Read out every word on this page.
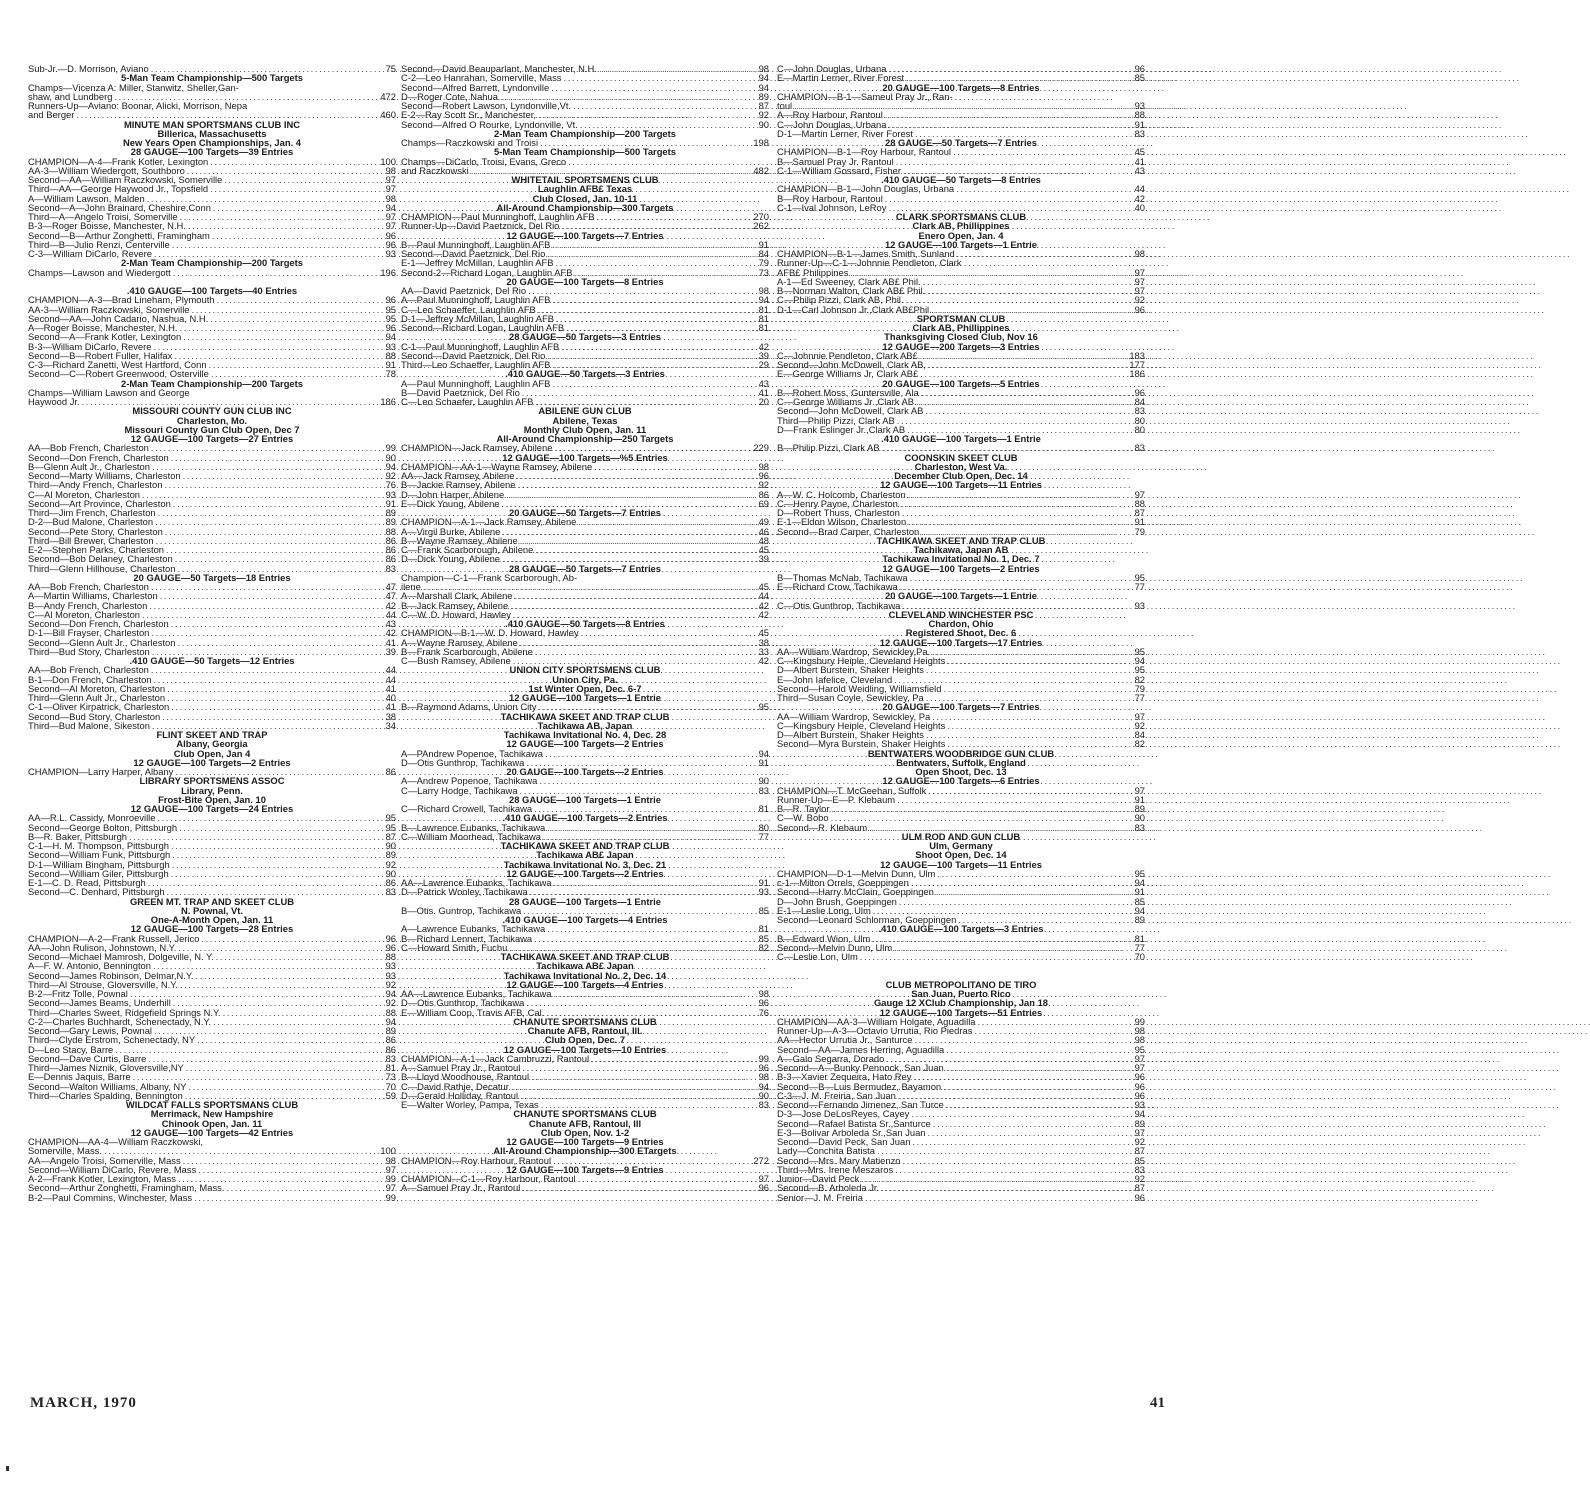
Sub-Jr.—D. Morrison, Aviano . . .	75
5-Man Team Championship—500 Targets
Champs—Vicenza A: Miller, Stanwitz, Sheller,Gan-
shaw, and Lundberg . . .	472
Runners-Up—Aviano: Boonar, Alicki, Morrison, Nepa
and Berger . . .	460
MINUTE MAN SPORTSMANS CLUB INC
Billerica, Massachusetts
New Years Open Championships, Jan. 4
28 GAUGE—100 Targets—39 Entries
CHAMPION—A-4—Frank Kotler, Lexington . . .	100
AA-3—William Wiedergott, Southboro . . .	98
Second—AA—William Raczkowski, Somerville . . .	97
Third—AA—George Haywood Jr., Topsfield . . .	97
A—William Lawson, Malden . . .	98
Second—A—John Brainard, Cheshire,Conn . . .	94
Third—A—Angelo Troisi, Somerville . . .	97
B-3—Roger Boisse, Manchester, N.H. . . .	97
Second—B—Arthur Zonghetti, Framingham . . .	96
Third—B—Julio Renzi, Centerville . . .	96
C-3—William DiCarlo, Revere . . .	93
2-Man Team Championship—200 Targets
Champs—Lawson and Wiedergott . . .	196
.410 GAUGE—100 Targets—40 Entries
CHAMPION—A-3—Brad Lineham, Plymouth . . .	96
AA-3—William Raczkowski, Somerville . . .	95
Second—AA—John Cadario, Nashua, N.H. . . .	95
A—Roger Boisse, Manchester, N.H. . . .	96
Second—A—Frank Kotler, Lexington . . .	94
B-3—William DiCarlo, Revere . . .	93
Second—B—Robert Fuller, Halifax . . .	88
C-3—Richard Zanetti, West Hartford, Conn . . .	91
Second—C—Robert Greenwood, Osterville . . .	78
2-Man Team Championship—200 Targets
Champs—William Lawson and George
Haywood Jr. . . .	186
MISSOURI COUNTY GUN CLUB INC
Charleston, Mo.
Missouri County Gun Club Open, Dec 7
12 GAUGE—100 Targets—27 Entries
AA—Bob French, Charleston . . .	99
Second—Don French, Charleston . . .	90
B—Glenn Ault Jr., Charleston . . .	94
Second—Marty Williams, Charleston . . .	92
Third—Andy French, Charleston . . .	76
C—Al Moreton, Charleston . . .	93
Second—Art Province, Charleston . . .	91
Third—Jim French, Charleston . . .	89
D-2—Bud Malone, Charleston . . .	89
Second—Pete Story, Charleston . . .	88
Third—Bill Brewer, Charleston . . .	86
E-2—Stephen Parks, Charleston . . .	86
Second—Bob Delaney, Charleston . . .	86
Third—Glenn Hillhouse, Charleston . . .	83
20 GAUGE—50 Targets—18 Entries
AA—Bob French, Charleston . . .	47
A—Martin Williams, Charleston . . .	47
B—Andy French, Charleston . . .	42
C—Al Moreton, Charleston . . .	44
Second—Don French, Charleston . . .	43
D-1—Bill Frayser, Charleston . . .	42
Second—Glenn Ault Jr., Charleston . . .	41
Third—Bud Story, Charleston . . .	39
.410 GAUGE—50 Targets—12 Entries
AA—Bob French, Charleston . . .	44
B-1—Don French, Charleston . . .	44
Second—Al Moreton, Charleston . . .	41
Third—Glenn Ault Jr., Charleston . . .	40
C-1—Oliver Kirpatrick, Charleston . . .	41
Second—Bud Story, Charleston . . .	38
Third—Bud Malone, Sikeston . . .	34
FLINT SKEET AND TRAP
Albany, Georgia
Club Open, Jan 4
12 GAUGE—100 Targets—2 Entries
CHAMPION—Larry Harper, Albany . . .	86
LIBRARY SPORTSMENS ASSOC
Library, Penn.
Frost-Bite Open, Jan. 10
12 GAUGE—100 Targets—24 Entries
AA—R.L. Cassidy, Monroeville . . .	95
Second—George Bolton, Pittsburgh . . .	95
B—R. Baker, Pittsburgh . . .	87
C-1—H. M. Thompson, Pittsburgh . . .	90
Second—William Funk, Pittsburgh . . .	89
D-1—William Bingham, Pittsburgh . . .	92
Second—William Giler, Pittsburgh . . .	90
E-1—C. D. Read, Pittsburgh . . .	86
Second—C. Denhard, Pittsburgh . . .	83
GREEN MT. TRAP AND SKEET CLUB
N. Pownal, Vt.
One-A-Month Open, Jan. 11
12 GAUGE—100 Targets—28 Entries
CHAMPION—A-2—Frank Russell, Jerico . . .	96
AA—John Rulison, Johnstown, N.Y. . . .	96
Second—Michael Mamrosh, Dolgeville, N. Y. . . .	88
A—F. W. Antonio, Bennington . . .	93
Second—James Robinson, Delmar,N.Y. . . .	93
Third—Al Strouse, Gloversville, N.Y. . . .	92
B-2—Fritz Tolle, Pownal . . .	94
Second—James Beams, Underhill . . .	92
Third—Charles Sweet, Ridgefield Springs N.Y. . . .	88
C-2—Charles Buchhardt, Schenectady, N.Y. . . .	94
Second—Gary Lewis, Pownal . . .	89
Third—Clyde Erstrom, Schenectady, NY . . .	86
D—Leo Stacy, Barre . . .	86
Second—Dave Curtis, Barre . . .	83
Third—James Niznik, Gloversville,NY . . .	81
E—Dennis Jaquis, Barre . . .	73
Second—Walton Williams, Albany, NY . . .	70
Third—Charles Spalding, Bennington . . .	59
WILDCAT FALLS SPORTSMANS CLUB
Merrimack, New Hampshire
Chinook Open, Jan. 11
12 GAUGE—100 Targets—42 Entries
CHAMPION—AA-4—William Raczkowski,
Somerville, Mass. . . .	100
AA—Angelo Troisi, Somerville, Mass . . .	98
Second—William DiCarlo, Revere, Mass . . .	97
A-2—Frank Kotler, Lexington, Mass . . .	99
Second—Arthur Zonghetti, Framingham, Mass. . . .	97
B-2—Paul Commins, Winchester, Mass . . .	99
Second—David Beauparlant, Manchester, N.H. . . .	98
C-2—Leo Hanrahan, Somerville, Mass . . .	94
Second—Alfred Barrett, Lyndonville . . .	94
D—Roger Cote, Nahua . . .	89
Second—Robert Lawson, Lyndonville,Vt. . . .	87
E-2—Ray Scott Sr., Manchester, . . .	92
Second—Alfred O Rourke, Lyndonville, Vt. . . .	90
2-Man Team Championship—200 Targets
Champs—Raczkowski and Troisi . . .	198
5-Man Team Championship—500 Targets
Champs—DiCarlo, Troisi, Evans, Greco
and Raczkowski . . .	482
WHITETAIL SPORTSMENS CLUB
Laughlin AFB£ Texas
Club Closed, Jan. 10-11
All-Around Championship—300 Targets
CHAMPION—Paul Munninghoff, Laughlin AFB . . .	270
Runner-Up—David Paetznick, Del Rio . . .	262
12 GAUGE—100 Targets—7 Entries
B—Paul Munninghoff, Laughlin AFB . . .	91
Second—David Paetznick, Del Rio . . .	84
E-1—Jeffrey McMillan, Laughlin AFB . . .	79
Second-2—Richard Logan, Laughlin AFB . . .	73
20 GAUGE—100 Targets—8 Entries
AA—David Paetznick, Del Rio . . .	98
A—Paul Munninghoff, Laughlin AFB . . .	94
C—Leo Schaeffer, Laughlin AFB . . .	81
D-1—Jeffrey McMillan, Laughlin AFB . . .	81
Second—Richard Logan, Laughlin AFB . . .	81
28 GAUGE—50 Targets—3 Entries
C-1—Paul Munninghoff, Laughlin AFB . . .	42
Second—David Paetznick, Del Rio . . .	39
Third—Leo Schaeffer, Laughlin AFB . . .	29
.410 GAUGE—50 Targets—3 Entries
A—Paul Munninghoff, Laughlin AFB . . .	43
B—David Paetznick, Del Rio . . .	41
C—Leo Schaefer, Laughlin AFB . . .	20
ABILENE GUN CLUB
Abilene, Texas
Monthly Club Open, Jan. 11
All-Around Championship—250 Targets
CHAMPION—Jack Ramsey, Abilene . . .	229
12 GAUGE—100 Targets—%5 Entries
CHAMPION—AA-1—Wayne Ramsey, Abilene . . .	98
AA—Jack Ramsey, Abilene . . .	96
B—Jackie Ramsey, Abilene . . .	92
D—John Harper, Abilene . . .	86
E—Dick Young, Abilene . . .	69
20 GAUGE—50 Targets—7 Entries
CHAMPION—A-1—Jack Ramsey, Abilene . . .	49
A—Virgil Burke, Abilene . . .	46
B—Wayne Ramsey, Abilene . . .	48
C—Frank Scarborough, Abilene . . .	45
D—Dick Young, Abilene . . .	39
28 GAUGE—50 Targets—7 Entries
Champion—C-1—Frank Scarborough, Ab-
ilene . . .	45
A—Marshall Clark, Abilene . . .	44
B—Jack Ramsey, Abilene . . .	42
C—W. D. Howard, Hawley . . .	42
.410 GAUGE—50 Targets—8 Entries
CHAMPION—B-1—W. D. Howard, Hawley . . .	45
A—Wayne Ramsey, Abilene . . .	38
B—Frank Scarborough, Abilene . . .	33
C—Bush Ramsey, Abilene . . .	42
UNION CITY SPORTSMENS CLUB
Union City, Pa.
1st Winter Open, Dec. 6-7
12 GAUGE—100 Targets—1 Entrie
B—Raymond Adams, Union City . . .	95
TACHIKAWA SKEET AND TRAP CLUB
Tachikawa AB, Japan
Tachikawa Invitational No. 4, Dec. 28
12 GAUGE—100 Targets—2 Entries
A—PAndrew Popenoe, Tachikawa . . .	94
D—Otis Gunthrop, Tachikawa . . .	91
20 GAUGE—100 Targets—2 Entries
A—Andrew Popenoe, Tachikawa . . .	90
C—Larry Hodge, Tachikawa . . .	83
28 GAUGE—100 Targets—1 Entrie
C—Richard Crowell, Tachikawa . . .	81
.410 GAUGE—100 Targets—2 Entries
B—Lawrence Eubanks, Tachikawa . . .	80
C—William Moorhead, Tachikawa . . .	77
TACHIKAWA SKEET AND TRAP CLUB
Tachikawa AB£ Japan
Tachikawa Invitational No. 3, Dec. 21
12 GAUGE—100 Targets—2 Entries
AA—Lawrence Eubanks, Tachikawa . . .	91
D—Patrick Wooley, Tachikawa . . .	93
28 GAUGE—100 Targets—1 Entrie
B—Otis. Guntrop, Tachikawa . . .	85
.410 GAUGE—100 Targets—4 Entries
A—Lawrence Eubanks, Tachikawa . . .	81
B—Richard Lennert, Tachikawa . . .	85
C—Howard Smith, Fuchu . . .	82
TACHIKAWA SKEET AND TRAP CLUB
Tachikawa AB£ Japan
Tachikawa Invitational No. 2, Dec. 14
12 GAUGE—100 Targets—4 Entries
AA—Lawrence Eubanks, Tachikawa . . .	98
D—Otis Gunthrop, Tachikawa . . .	96
E—William Coop, Travis AFB, Cal. . . .	76
CHANUTE SPORTSMANS CLUB
Chanute AFB, Rantoul, Ill.
Club Open, Dec. 7
12 GAUGE—100 Targets—10 Entries
CHAMPION—A-1—Jack Cambruzzi, Rantoul . . .	99
A—Samuel Pray Jr., Rantoul . . .	96
B—Lloyd Woodhouse, Rantoul . . .	98
C—David Rathje, Decatur . . .	94
D—Gerald Holliday, Rantoul . . .	90
E—Walter Worley, Pampa, Texas . . .	83
CHANUTE SPORTSMANS CLUB
Chanute AFB, Rantoul, Ill
Club Open, Nov. 1-2
12 GAUGE—100 Targets—9 Entries
All-Around Championship—300 ETargets
CHAMPION—Roy Harbour, Rantoul . . .	272
12 GAUGE—100 Targets—9 Entries
CHAMPION—C-1—Roy Harbour, Rantoul . . .	97
A—Samuel Pray Jr., Rantoul . . .	96
C—John Douglas, Urbana . . .	96
E—Martin Lerner, River Forest . . .	85
20 GAUGE—100 Targets—8 Entries
CHAMPION—B-1—Sameul Pray Jr., Ran-
toul . . .	93
A—Roy Harbour, Rantoul . . .	88
C—John Douglas, Urbana . . .	91
D-1—Martin Lerner, River Forest . . .	83
28 GAUGE—50 Targets—7 Entries
CHAMPION—B-1—Roy Harbour, Rantoul . . .	45
B—Samuel Pray Jr. Rantoul . . .	41
C-1—William Gossard, Fisher . . .	43
.410 GAUGE—50 Targets—8 Entries
CHAMPION—B-1—John Douglas, Urbana . . .	44
B—Roy Harbour, Rantoul . . .	42
C-1—Ival Johnson, LeRoy . . .	40
CLARK SPORTSMANS CLUB
Clark AB, Phillippines
Enero Open, Jan. 4
12 GAUGE—100 Targets—1 Entrie
CHAMPION—B-1—James Smith, Sunland . . .	98
Runner-Up—C-1—Johnnie Pendleton, Clark
AFB£ Philippines . . .	97
A-1—Ed Sweeney, Clark AB£ Phil. . . .	97
B—Norman Walton, Clark AB£ Phil. . . .	97
C—Philip Pizzi, Clark AB, Phil. . . .	92
D-1—Carl Johnson Jr.,Clark AB£Phil . . .	96
SPORTSMAN CLUB
Clark AB, Phillippines
Thanksgiving Closed Club, Nov 16
12 GAUGE—200 Targets—3 Entries
C—Johnnie Pendleton, Clark AB£ . . .	183
Second—John McDowell, Clark AB, . . .	177
E—George Williams Jr, Clark AB£ . . .	186
20 GAUGE—100 Targets—5 Entries
B—Robert Moss, Guntersville, Ala . . .	96
C—George Williams Jr ,Clark AB . . .	84
Second—John McDowell, Clark AB . . .	83
Third—Philip Pizzi, Clark AB . . .	80
D—Frank Eslinger Jr.,Clark AB . . .	80
.410 GAUGE—100 Targets—1 Entrie
B—Philip Pizzi, Clark AB . . .	83
COONSKIN SKEET CLUB
Charleston, West Va.
December Club Open, Dec. 14
12 GAUGE—100 Targets—11 Entries
A—W. C. Holcomb, Charleston . . .	97
C—Henry Payne, Charleston . . .	88
D—Robert Thuss, Charleston . . .	87
E-1—Eldon Wilson, Charleston . . .	91
Second—Brad Carper, Charleston . . .	79
TACHIKAWA SKEET AND TRAP CLUB
Tachikawa, Japan AB
Tachikawa Invitational No. 1, Dec. 7
12 GAUGE—100 Targets—2 Entries
B—Thomas McNab, Tachikawa . . .	95
E—Richard Crow, Tachikawa . . .	77
20 GAUGE—100 Targets—1 Entrie
C—Otis Gunthrop, Tachikawa . . .	93
CLEVELAND WINCHESTER PSC
Chardon, Ohio
Registered Shoot, Dec. 6
12 GAUGE—100 Targets—17 Entries
AA—William Wardrop, Sewickley,Pa. . . .	95
C—Kingsbury Heiple, Cleveland Heights . . .	94
D—Albert Burstein, Shaker Heights . . .	95
E—John Iafelice, Cleveland . . .	82
Second—Harold Weidling, Williamsfield . . .	79
Third—Susan Coyle, Sewickley, Pa . . .	77
20 GAUGE—100 Targets—7 Entries
AA—William Wardrop, Sewickley, Pa . . .	97
C—Kingsbury Heiple, Cleveland Heights . . .	92
D—Albert Burstein, Shaker Heights . . .	84
Second—Myra Burstein, Shaker Heights . . .	82
BENTWATERS WOODBRIDGE GUN CLUB
Bentwaters, Suffolk, England
Open Shoot, Dec. 13
12 GAUGE—100 Targets—6 Entries
CHAMPION—T. McGeehan, Suffolk . . .	97
Runner-Up—E—P. Klebaum . . .	91
B—R. Taylor . . .	89
C—W. Bobo . . .	90
Second—R. Klebaum . . .	83
ULM ROD AND GUN CLUB
Ulm, Germany
Shoot Open, Dec. 14
12 GAUGE—100 Targets—11 Entries
CHAMPION—D-1—Melvin Dunn, Ulm . . .	95
c-1—Milton Orrels, Goeppingen . . .	94
Second—Harry McClain, Goeppingen . . .	91
D—John Brush, Goeppingen . . .	85
E-1—Leslie Long, Ulm . . .	94
Second—Leonard Schlorman, Goeppingen . . .	89
.410 GAUGE—100 Targets—3 Entries
B—Edward Wion, Ulm . . .	81
Second—Melvin Dunn, Ulm . . .	77
C—Leslie Lon, Ulm . . .	70
CLUB METROPOLITANO DE TIRO
San Juan, Puerto Rico
Gauge 12 XClub Championship, Jan 18
12 GAUGE—100 Targets—51 Entries
CHAMPION—AA-3—William Holgate, Aguadilla . . .	99
Runner-Up—A-3—Octavio Urrutia, Rio Piedras . . .	98
AA—Hector Urrutia Jr., Santurce . . .	98
Second—AA—James Herring, Aguadilla . . .	95
A—Galo Segarra, Dorado . . .	97
Second—A—Bunky Pennock, San Juan . . .	97
B-3—Xavier Zequeira, Hato Rey . . .	96
Second—B—Luis Bermudez, Bayamon . . .	96
C-3—J. M. Freiria, San Juan . . .	96
Second—Fernando Jimenez, San Turce . . .	93
D-3—Jose DeLosReyes, Cayey . . .	94
Second—Rafael Batista Sr.,Santurce . . .	89
E-3—Bolivar Arboleda Sr.,San Juan . . .	97
Second—David Peck, San Juan . . .	92
Lady—Conchita Batista . . .	87
Second—Mrs. Mary Matienzo . . .	85
Third—Mrs. Irene Meszaros . . .	83
Junior—David Peck . . .	92
Second—B. Arboleda Jr. . . .	87
Senior—J. M. Freiria . . .	96
MARCH, 1970	41
